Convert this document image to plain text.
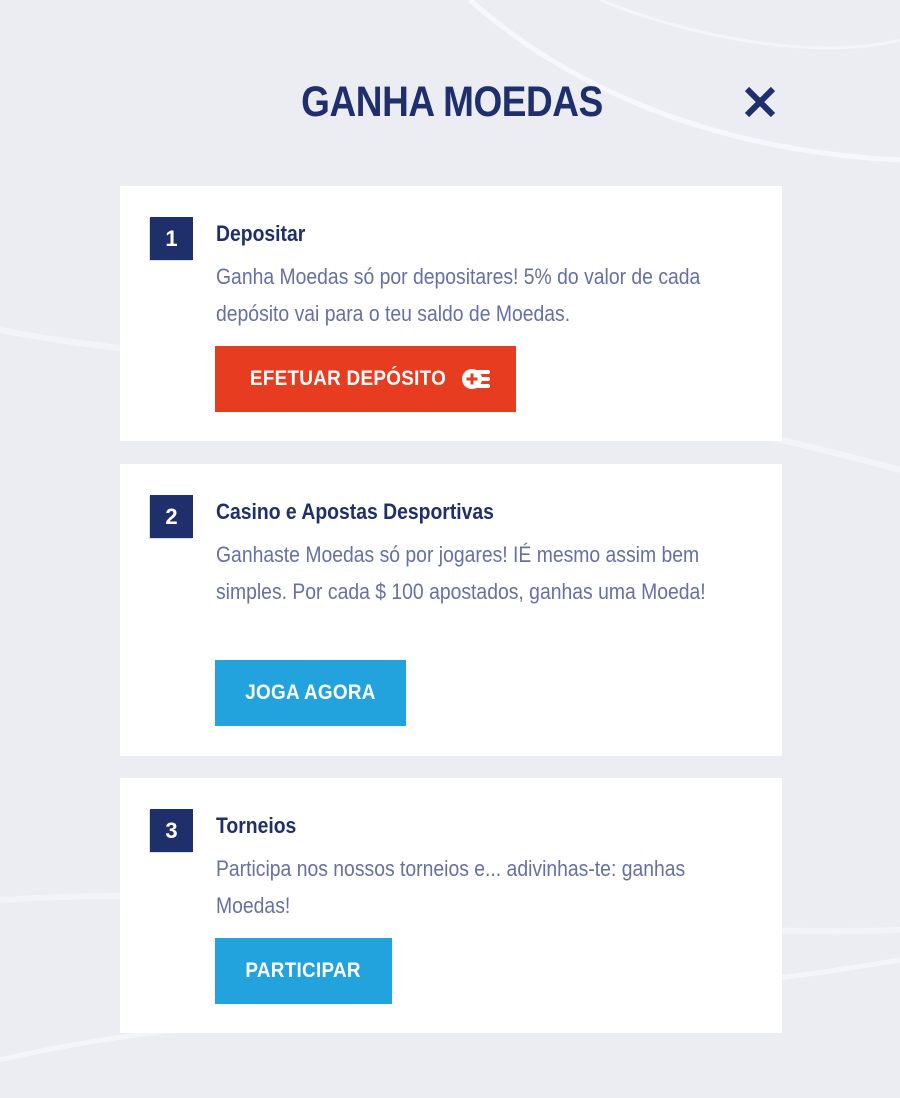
GANHA MOEDAS
1	Depositar

Ganha Moedas só por depositares! 5% do valor de cada depósito vai para o teu saldo de Moedas.

EFETUAR DEPÓSITO
2	Casino e Apostas Desportivas

Ganhaste Moedas só por jogares! IÉ mesmo assim bem simples. Por cada $ 100 apostados, ganhas uma Moeda!

JOGA AGORA
3	Torneios

Participa nos nossos torneios e... adivinhas-te: ganhas Moedas!

PARTICIPAR
